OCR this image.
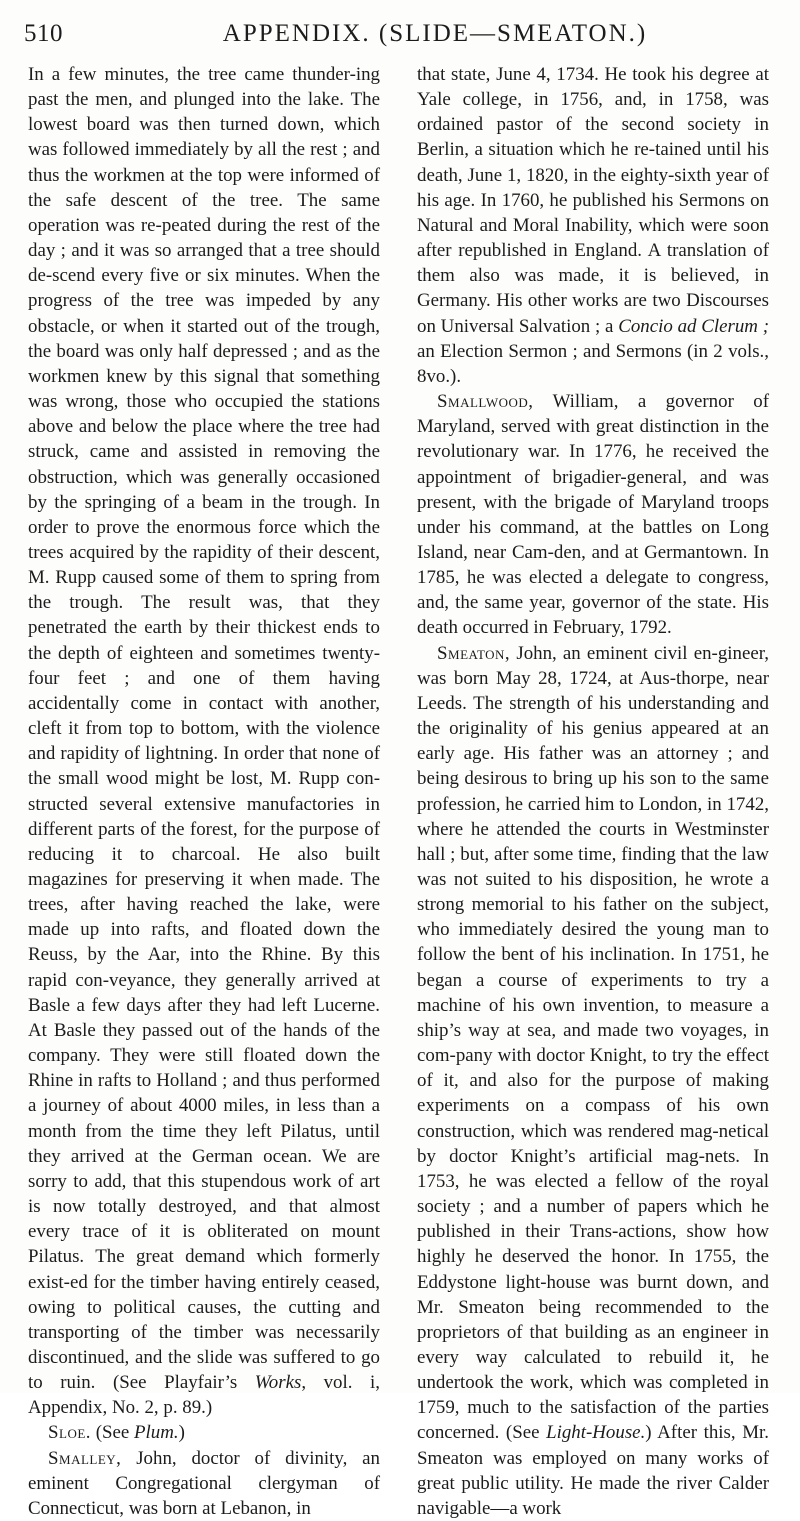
510	APPENDIX. (SLIDE—SMEATON.)

In a few minutes, the tree came thunder-ing past the men, and plunged into the lake. The lowest board was then turned down, which was followed immediately by all the rest ; and thus the workmen at the top were informed of the safe descent of the tree. The same operation was re-peated during the rest of the day ; and it was so arranged that a tree should de-scend every five or six minutes. When the progress of the tree was impeded by any obstacle, or when it started out of the trough, the board was only half depressed ; and as the workmen knew by this signal that something was wrong, those who occupied the stations above and below the place where the tree had struck, came and assisted in removing the obstruction, which was generally occasioned by the springing of a beam in the trough. In order to prove the enormous force which the trees acquired by the rapidity of their descent, M. Rupp caused some of them to spring from the trough. The result was, that they penetrated the earth by their thickest ends to the depth of eighteen and sometimes twenty-four feet ; and one of them having accidentally come in contact with another, cleft it from top to bottom, with the violence and rapidity of lightning. In order that none of the small wood might be lost, M. Rupp con-structed several extensive manufactories in different parts of the forest, for the purpose of reducing it to charcoal. He also built magazines for preserving it when made. The trees, after having reached the lake, were made up into rafts, and floated down the Reuss, by the Aar, into the Rhine. By this rapid con-veyance, they generally arrived at Basle a few days after they had left Lucerne. At Basle they passed out of the hands of the company. They were still floated down the Rhine in rafts to Holland ; and thus performed a journey of about 4000 miles, in less than a month from the time they left Pilatus, until they arrived at the German ocean. We are sorry to add, that this stupendous work of art is now totally destroyed, and that almost every trace of it is obliterated on mount Pilatus. The great demand which formerly exist-ed for the timber having entirely ceased, owing to political causes, the cutting and transporting of the timber was necessarily discontinued, and the slide was suffered to go to ruin. (See Playfair’s Works, vol. i, Appendix, No. 2, p. 89.)

Sloe. (See Plum.)

Smalley, John, doctor of divinity, an eminent Congregational clergyman of Connecticut, was born at Lebanon, in

that state, June 4, 1734. He took his degree at Yale college, in 1756, and, in 1758, was ordained pastor of the second society in Berlin, a situation which he re-tained until his death, June 1, 1820, in the eighty-sixth year of his age. In 1760, he published his Sermons on Natural and Moral Inability, which were soon after republished in England. A translation of them also was made, it is believed, in Germany. His other works are two Discourses on Universal Salvation ; a Concio ad Clerum ; an Election Sermon ; and Sermons (in 2 vols., 8vo.).

Smallwood, William, a governor of Maryland, served with great distinction in the revolutionary war. In 1776, he received the appointment of brigadier-general, and was present, with the brigade of Maryland troops under his command, at the battles on Long Island, near Cam-den, and at Germantown. In 1785, he was elected a delegate to congress, and, the same year, governor of the state. His death occurred in February, 1792.

Smeaton, John, an eminent civil en-gineer, was born May 28, 1724, at Aus-thorpe, near Leeds. The strength of his understanding and the originality of his genius appeared at an early age. His father was an attorney ; and being desirous to bring up his son to the same profession, he carried him to London, in 1742, where he attended the courts in Westminster hall ; but, after some time, finding that the law was not suited to his disposition, he wrote a strong memorial to his father on the subject, who immediately desired the young man to follow the bent of his inclination. In 1751, he began a course of experiments to try a machine of his own invention, to measure a ship’s way at sea, and made two voyages, in com-pany with doctor Knight, to try the effect of it, and also for the purpose of making experiments on a compass of his own construction, which was rendered mag-netical by doctor Knight’s artificial mag-nets. In 1753, he was elected a fellow of the royal society ; and a number of papers which he published in their Trans-actions, show how highly he deserved the honor. In 1755, the Eddystone light-house was burnt down, and Mr. Smeaton being recommended to the proprietors of that building as an engineer in every way calculated to rebuild it, he undertook the work, which was completed in 1759, much to the satisfaction of the parties concerned. (See Light-House.) After this, Mr. Smeaton was employed on many works of great public utility. He made the river Calder navigable—a work
